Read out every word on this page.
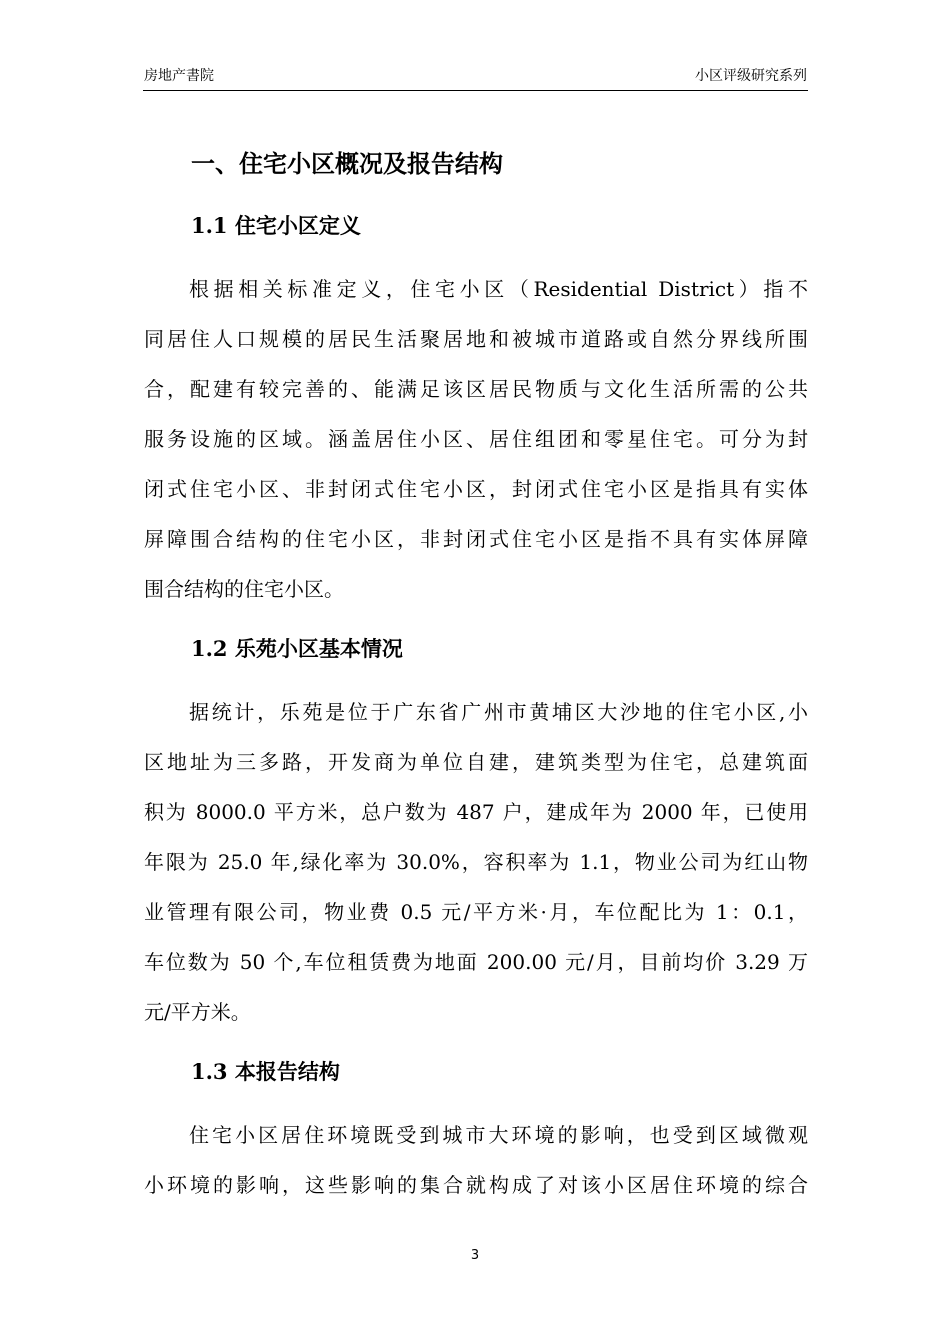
房地产書院	小区评级研究系列
一、住宅小区概况及报告结构
1.1 住宅小区定义
根据相关标准定义，住宅小区（Residential District）指不
同居住人口规模的居民生活聚居地和被城市道路或自然分界线所围
合，配建有较完善的、能满足该区居民物质与文化生活所需的公共
服务设施的区域。涵盖居住小区、居住组团和零星住宅。可分为封
闭式住宅小区、非封闭式住宅小区，封闭式住宅小区是指具有实体
屏障围合结构的住宅小区，非封闭式住宅小区是指不具有实体屏障
围合结构的住宅小区。
1.2 乐苑小区基本情况
据统计，乐苑是位于广东省广州市黄埔区大沙地的住宅小区,小
区地址为三多路，开发商为单位自建，建筑类型为住宅，总建筑面
积为 8000.0 平方米，总户数为 487 户，建成年为 2000 年，已使用
年限为 25.0 年,绿化率为 30.0%，容积率为 1.1，物业公司为红山物
业管理有限公司，物业费 0.5 元/平方米·月，车位配比为 1：0.1，
车位数为 50 个,车位租赁费为地面 200.00 元/月，目前均价 3.29 万
元/平方米。
1.3 本报告结构
住宅小区居住环境既受到城市大环境的影响，也受到区域微观
小环境的影响，这些影响的集合就构成了对该小区居住环境的综合
3
